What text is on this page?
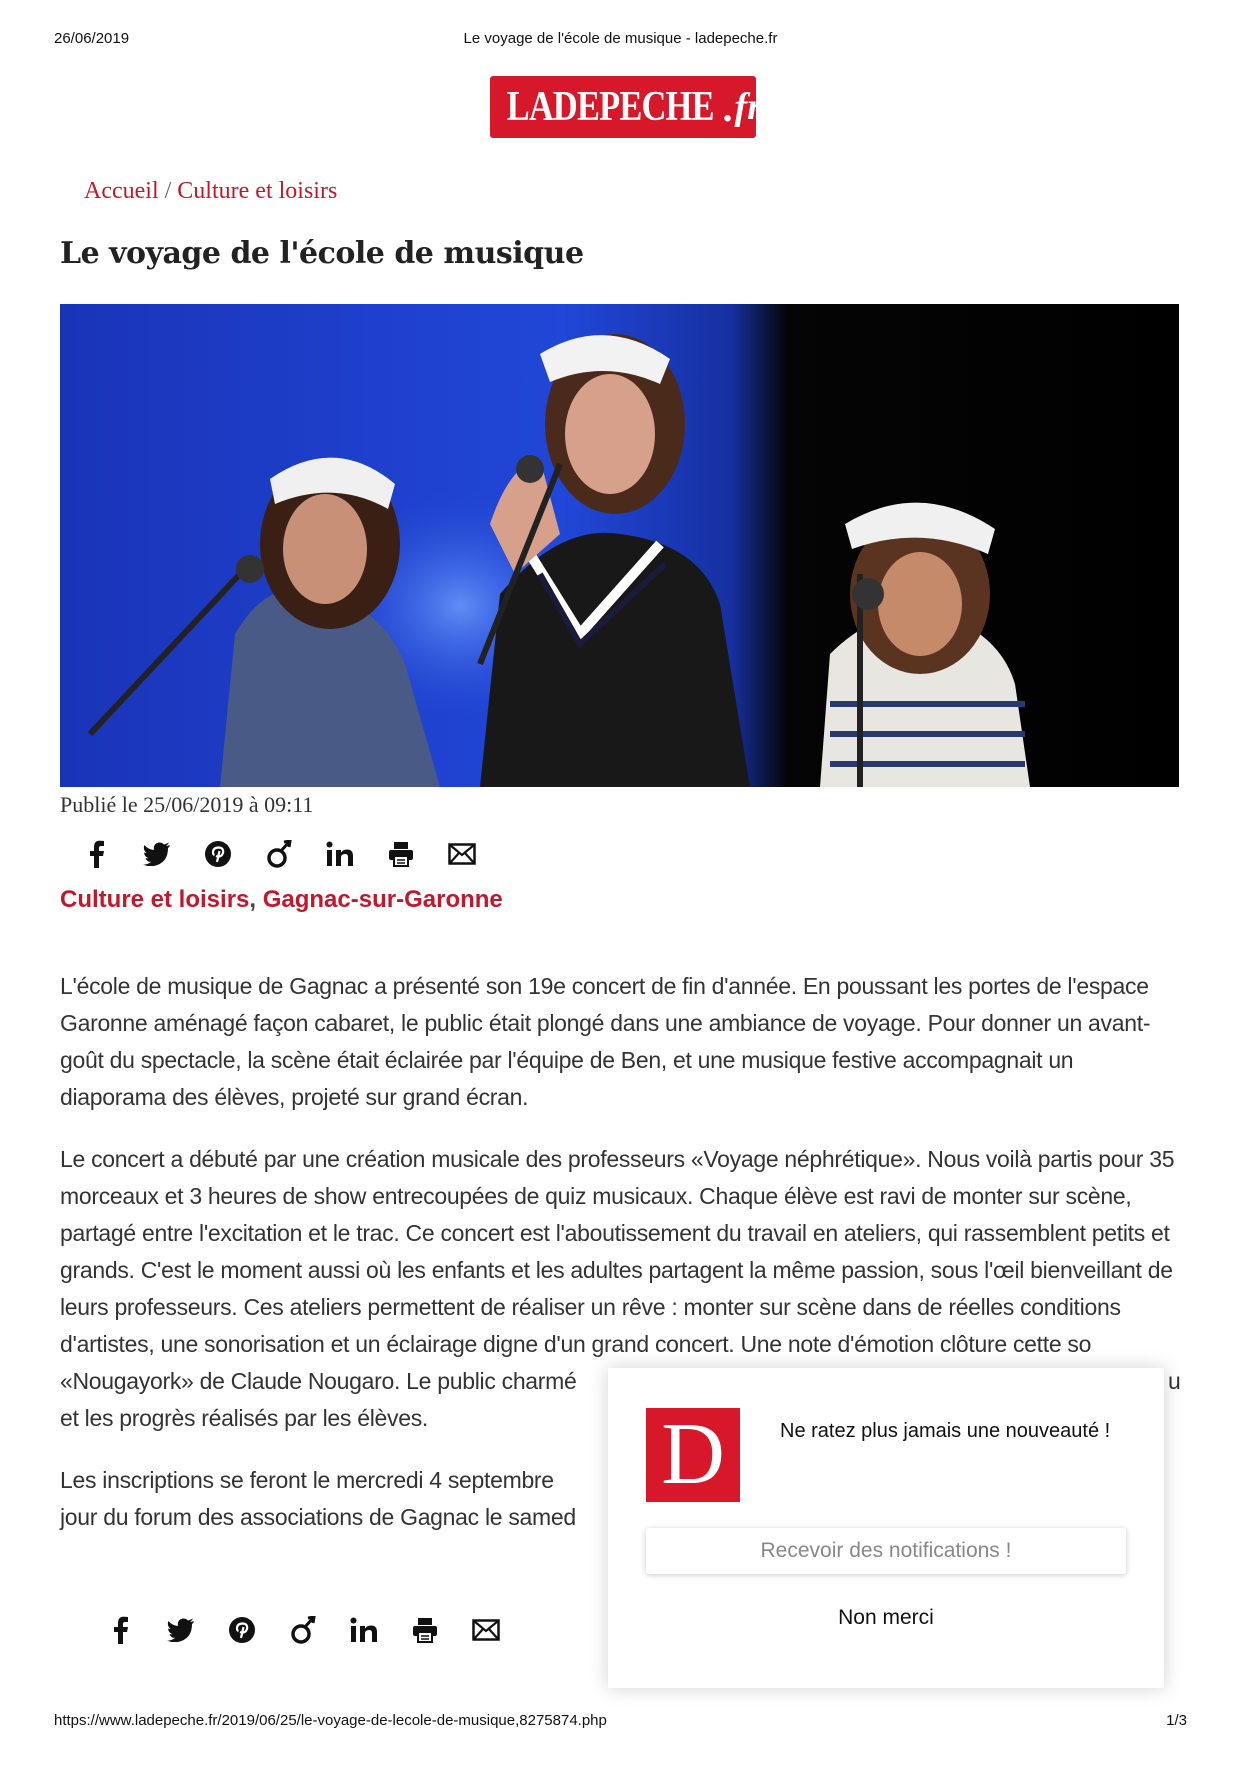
26/06/2019	Le voyage de l'école de musique - ladepeche.fr
LADEPECHE . fr
Accueil / Culture et loisirs
Le voyage de l'école de musique
Publié le 25/06/2019 à 09:11
Culture et loisirs, Gagnac-sur-Garonne

L'école de musique de Gagnac a présenté son 19e concert de fin d'année. En poussant les portes de l'espace Garonne aménagé façon cabaret, le public était plongé dans une ambiance de voyage. Pour donner un avant-goût du spectacle, la scène était éclairée par l'équipe de Ben, et une musique festive accompagnait un diaporama des élèves, projeté sur grand écran.

Le concert a débuté par une création musicale des professeurs «Voyage néphrétique». Nous voilà partis pour 35 morceaux et 3 heures de show entrecoupées de quiz musicaux. Chaque élève est ravi de monter sur scène, partagé entre l'excitation et le trac. Ce concert est l'aboutissement du travail en ateliers, qui rassemblent petits et grands. C'est le moment aussi où les enfants et les adultes partagent la même passion, sous l'œil bienveillant de leurs professeurs. Ces ateliers permettent de réaliser un rêve : monter sur scène dans de réelles conditions d'artistes, une sonorisation et un éclairage digne d'un grand concert. Une note d'émotion clôture cette so
«Nougayork» de Claude Nougaro. Le public charmé
et les progrès réalisés par les élèves.

Les inscriptions se feront le mercredi 4 septembre
jour du forum des associations de Gagnac le samed

u
D	Ne ratez plus jamais une nouveauté !
Recevoir des notifications !
Non merci
https://www.ladepeche.fr/2019/06/25/le-voyage-de-lecole-de-musique,8275874.php	1/3
